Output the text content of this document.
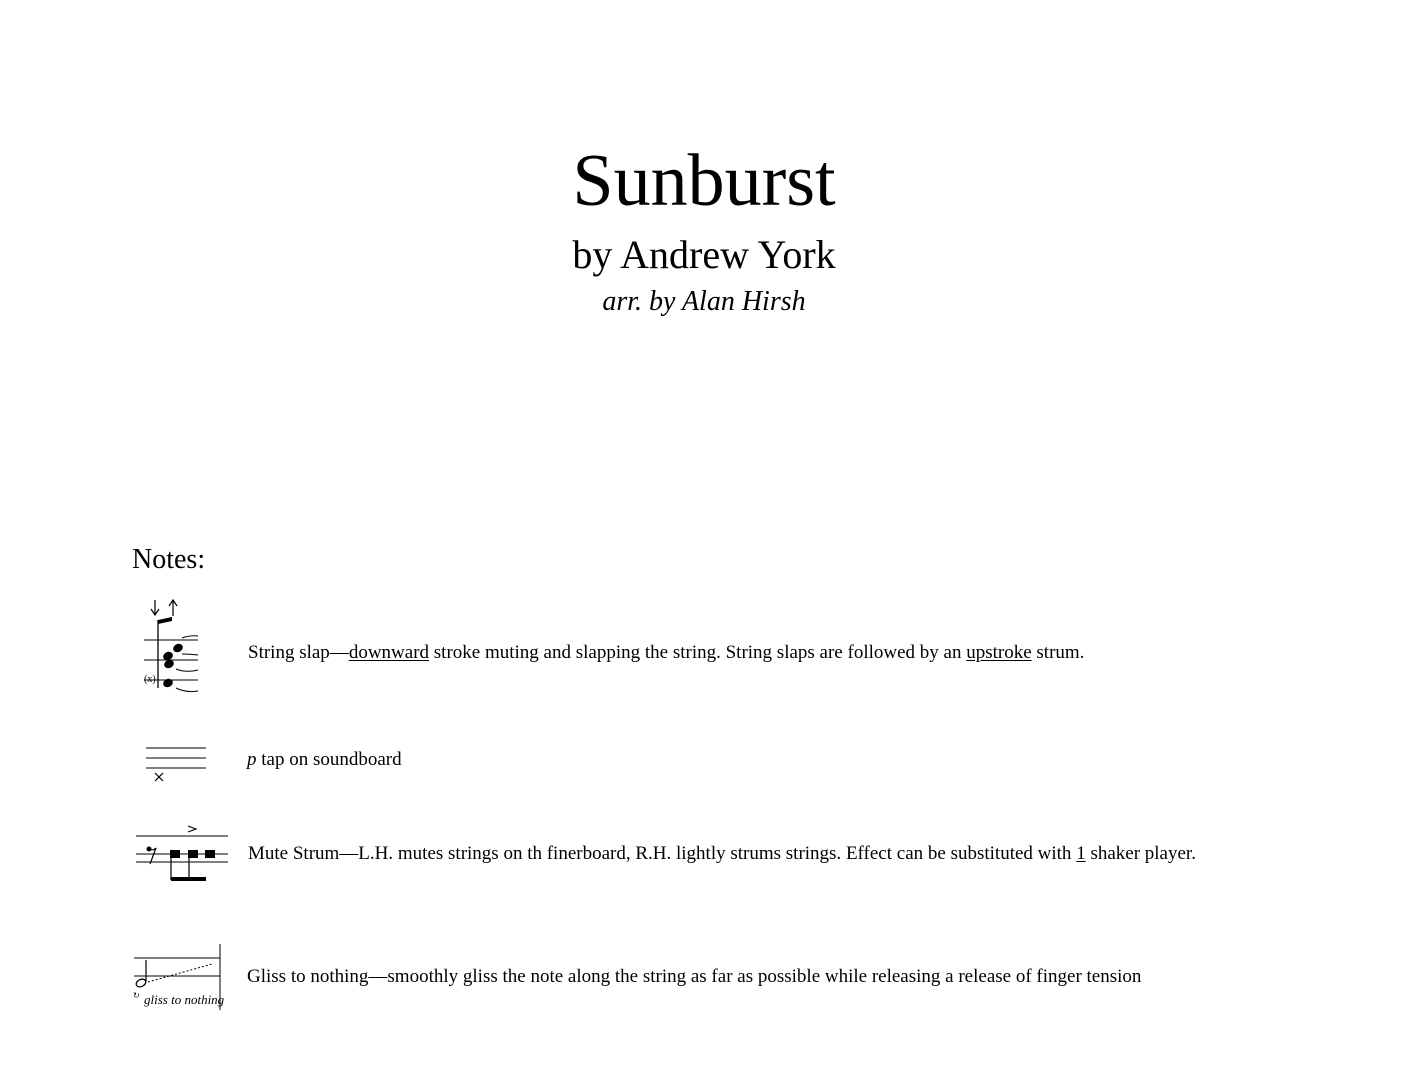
Sunburst
by Andrew York
arr. by Alan Hirsh
Notes:
(x)
String slap—downward stroke muting and slapping the string. String slaps are followed by an upstroke strum.
p tap on soundboard
Mute Strum—L.H. mutes strings on th finerboard, R.H. lightly strums strings. Effect can be substituted with 1 shaker player.
↻ gliss to nothing
Gliss to nothing—smoothly gliss the note along the string as far as possible while releasing a release of finger tension
